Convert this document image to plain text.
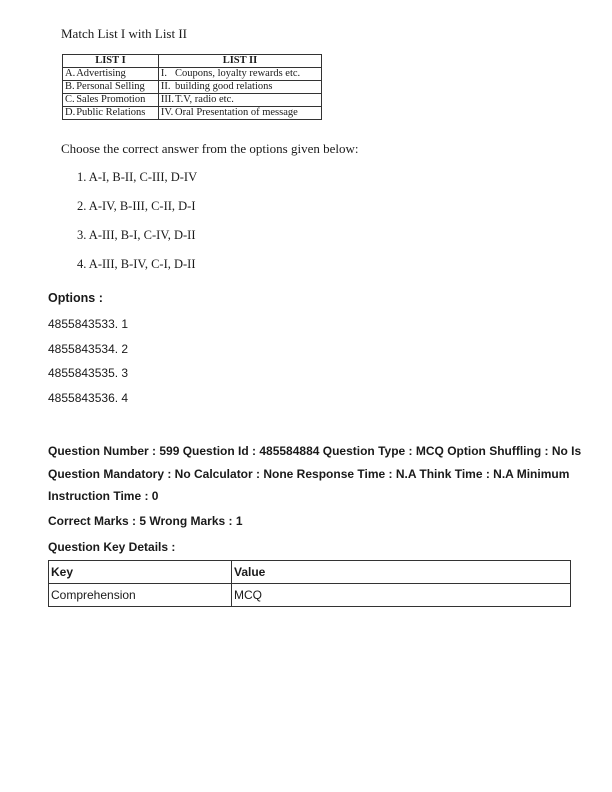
Match List I with List II
LIST I		LIST II	
A.	Advertising	I.	Coupons, loyalty rewards etc.
B.	Personal Selling	II.	building good relations
C.	Sales Promotion	III.	T.V, radio etc.
D.	Public Relations	IV.	Oral Presentation of message
Choose the correct answer from the options given below:
1. A-I, B-II, C-III, D-IV
2. A-IV, B-III, C-II, D-I
3. A-III, B-I, C-IV, D-II
4. A-III, B-IV, C-I, D-II
Options :
4855843533. 1
4855843534. 2
4855843535. 3
4855843536. 4
Question Number : 599 Question Id : 485584884 Question Type : MCQ Option Shuffling : No Is
Question Mandatory : No Calculator : None Response Time : N.A Think Time : N.A Minimum
Instruction Time : 0
Correct Marks : 5 Wrong Marks : 1
Question Key Details :
Key	Value
Comprehension	MCQ
